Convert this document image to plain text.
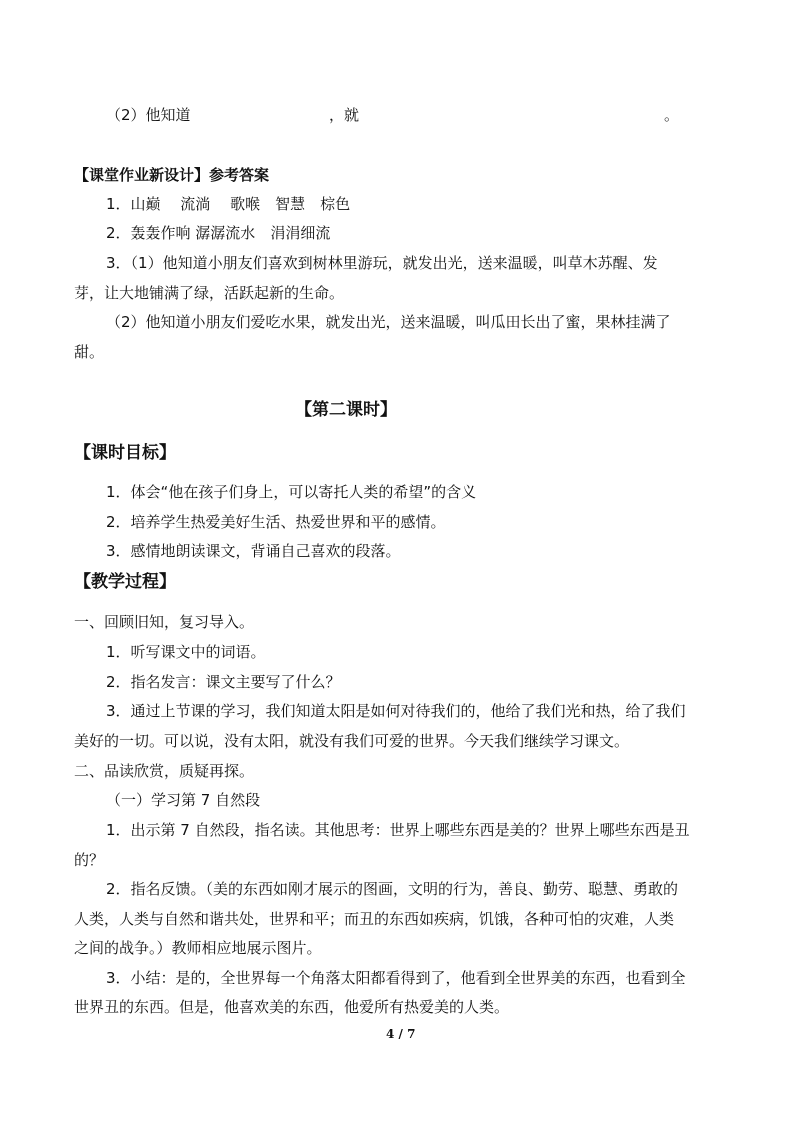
（2）他知道	，就	。
【课堂作业新设计】参考答案
1．山巅　 流淌 　歌喉　智慧　棕色
2．轰轰作响 潺潺流水　涓涓细流
3．（1）他知道小朋友们喜欢到树林里游玩，就发出光，送来温暖，叫草木苏醒、发
芽，让大地铺满了绿，活跃起新的生命。
（2）他知道小朋友们爱吃水果，就发出光，送来温暖，叫瓜田长出了蜜，果林挂满了
甜。
【第二课时】
【课时目标】
1．体会“他在孩子们身上，可以寄托人类的希望”的含义
2．培养学生热爱美好生活、热爱世界和平的感情。
3．感情地朗读课文，背诵自己喜欢的段落。
【教学过程】
一、回顾旧知，复习导入。
1．听写课文中的词语。
2．指名发言：课文主要写了什么？
3．通过上节课的学习，我们知道太阳是如何对待我们的，他给了我们光和热，给了我们
美好的一切。可以说，没有太阳，就没有我们可爱的世界。今天我们继续学习课文。
二、品读欣赏，质疑再探。
（一）学习第 7 自然段
1．出示第 7 自然段，指名读。其他思考：世界上哪些东西是美的？世界上哪些东西是丑
的？
2．指名反馈。（美的东西如刚才展示的图画，文明的行为，善良、勤劳、聪慧、勇敢的
人类，人类与自然和谐共处，世界和平；而丑的东西如疾病，饥饿，各种可怕的灾难，人类
之间的战争。）教师相应地展示图片。
3．小结：是的，全世界每一个角落太阳都看得到了，他看到全世界美的东西，也看到全
世界丑的东西。但是，他喜欢美的东西，他爱所有热爱美的人类。
4 / 7
